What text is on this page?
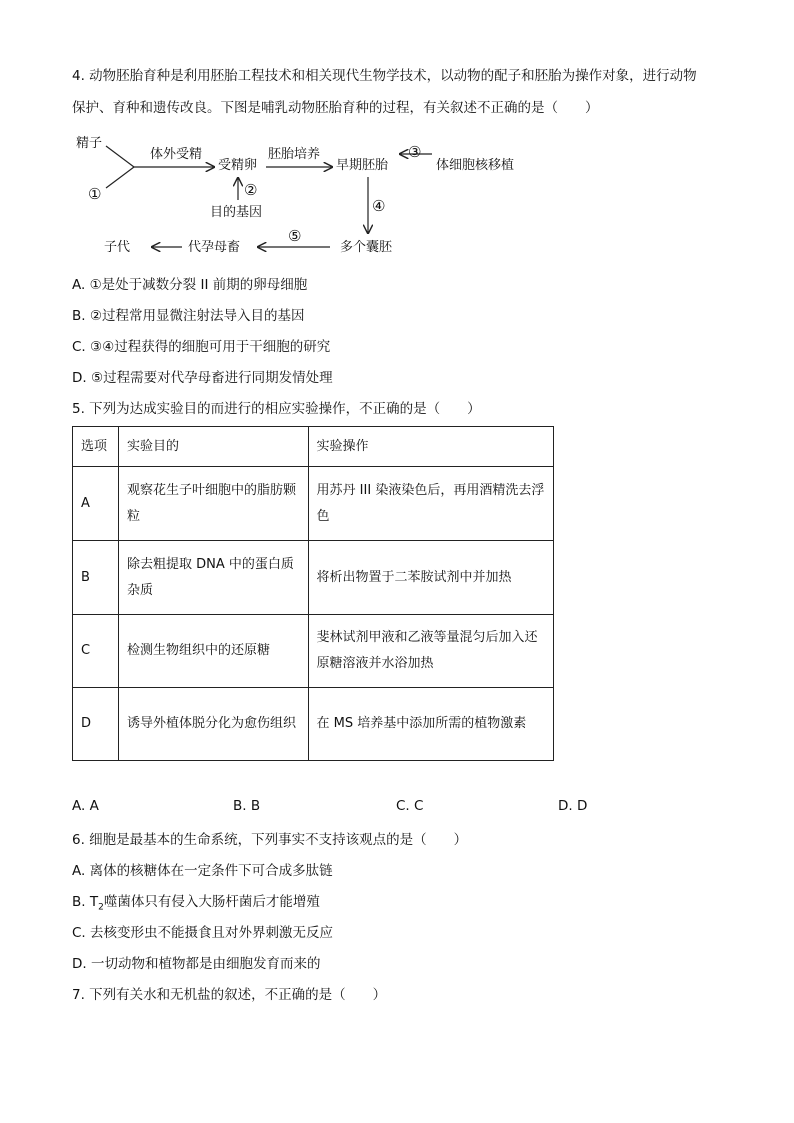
4. 动物胚胎育种是利用胚胎工程技术和相关现代生物学技术，以动物的配子和胚胎为操作对象，进行动物
保护、育种和遗传改良。下图是哺乳动物胚胎育种的过程，有关叙述不正确的是（　　）
精子
①
体外受精
受精卵
胚胎培养
早期胚胎
③
体细胞核移植
②
目的基因	④
多个囊胚
⑤
代孕母畜
子代
A. ①是处于减数分裂 II 前期的卵母细胞
B. ②过程常用显微注射法导入目的基因
C. ③④过程获得的细胞可用于干细胞的研究
D. ⑤过程需要对代孕母畜进行同期发情处理
5. 下列为达成实验目的而进行的相应实验操作，不正确的是（　　）
选项	实验目的	实验操作
A	观察花生子叶细胞中的脂肪颗粒	用苏丹 III 染液染色后，再用酒精洗去浮色
B	除去粗提取 DNA 中的蛋白质杂质	将析出物置于二苯胺试剂中并加热
C	检测生物组织中的还原糖	斐林试剂甲液和乙液等量混匀后加入还原糖溶液并水浴加热
D	诱导外植体脱分化为愈伤组织	在 MS 培养基中添加所需的植物激素
A. A	B. B	C. C	D. D
6. 细胞是最基本的生命系统，下列事实不支持该观点的是（　　）
A. 离体的核糖体在一定条件下可合成多肽链
B. $T_2$噬菌体只有侵入大肠杆菌后才能增殖
C. 去核变形虫不能摄食且对外界刺激无反应
D. 一切动物和植物都是由细胞发育而来的
7. 下列有关水和无机盐的叙述，不正确的是（　　）
